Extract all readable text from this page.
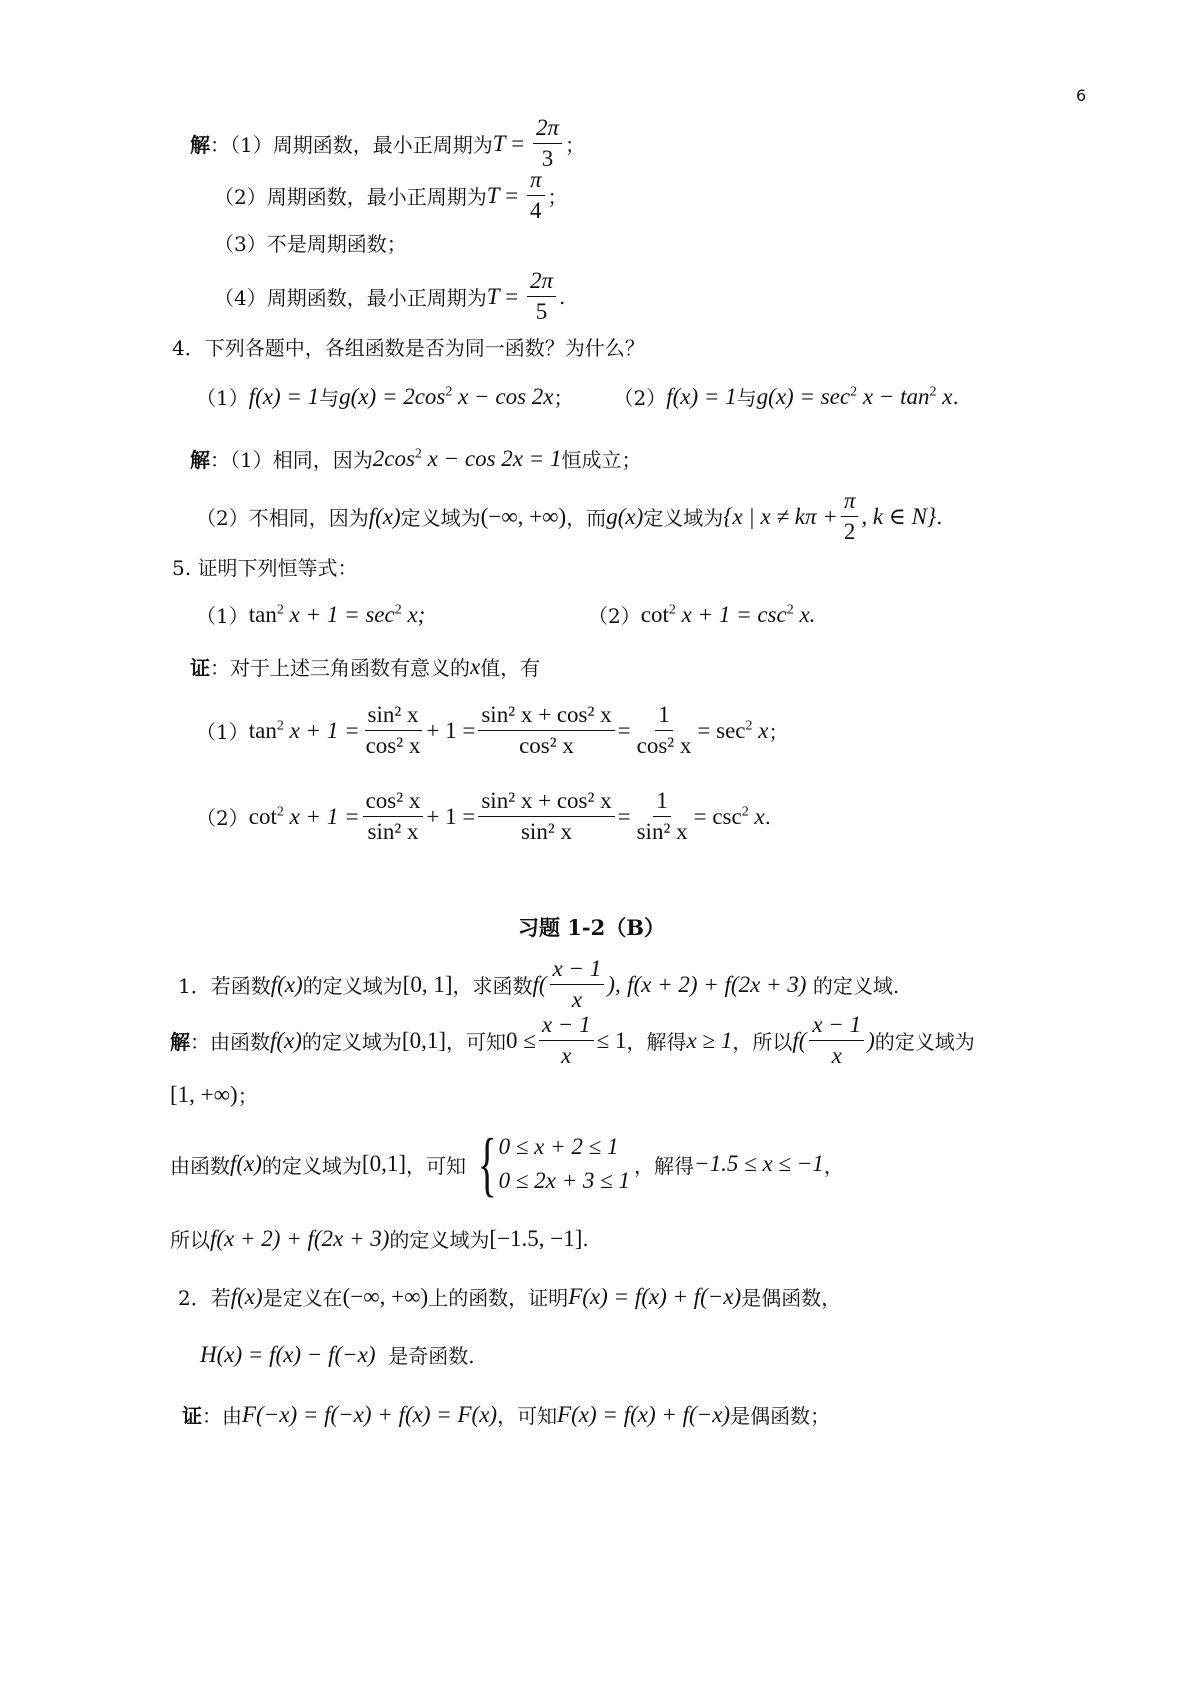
6
解 ：（1）周期函数，最小正周期为 $T = \frac{2\pi}{3}$ ；
（2）周期函数，最小正周期为 $T = \frac{\pi}{4}$ ；
（3）不是周期函数；
（4）周期函数，最小正周期为 $T = \frac{2\pi}{5}$ .
4．下列各题中，各组函数是否为同一函数？为什么？
（1） f(x) = 1 与 $g(x) = 2\cos^2$ x − cos 2x ； （2） f(x) = 1 与 $g(x) = \sec^2 x - \tan^2 x$ .
解 ：（1）相同，因为 $2\cos^2$ x − cos 2x = 1 恒成立；
（2）不相同，因为 f(x) 定义域为 (−∞, +∞) ，而 g(x) 定义域为 {x | $x \ne k\pi + \frac{\pi}{2}$ , k ∈ N} .
5. 证明下列恒等式：
（1） $\tan^2 x + 1 = \sec^2 x$;	（2） $\cot^2 x + 1 = \csc^2 x$.
证 ：对于上述三角函数有意义的 x 值，有
（1） $\tan^2 x + 1 = \frac{\text{sin² x}}{\text{cos² x}} + 1 = \frac{\text{sin² x + cos² x}}{\text{cos² x}} = \frac{1}{\text{cos² x}} = \sec^2 x$ ；
（2） $\cot^2 x + 1 = \frac{\text{cos² x}}{\text{sin² x}} + 1 = \frac{\text{sin² x + cos² x}}{\text{sin² x}} = \frac{1}{\text{sin² x}} = \csc^2 x$ .
习题 1-2（B）
1．若函数 f(x) 的定义域为 [0, 1] ，求函数 f(
x − 1
x
),
f(x + 2) + f(2x + 3)
的定义域.
解 ：由函数 f(x) 的定义域为 [0,1] ，可知 $0 \le \frac{x - 1}{x} \le 1$ ，解得 x ≥ 1 ，所以 f(
x − 1
x
) 的定义域为
[1, +∞) ；
由函数 f(x) 的定义域为 [0,1] ，可知 { 0 ≤ x + 2 ≤ 1
0 ≤ 2x + 3 ≤ 1
，解得 −1.5 ≤ x ≤ −1 ，
所以 f(x + 2) + f(2x + 3) 的定义域为 [−1.5, −1] .
2．若 f(x) 是定义在 (−∞, +∞) 上的函数，证明 F(x) = f(x) + f(−x) 是偶函数，
H(x) = f(x) − f(−x)
是奇函数.
证 ：由 F(−x) = f(−x) + f(x) = F(x) ，可知 F(x) = f(x) + f(−x) 是偶函数；
